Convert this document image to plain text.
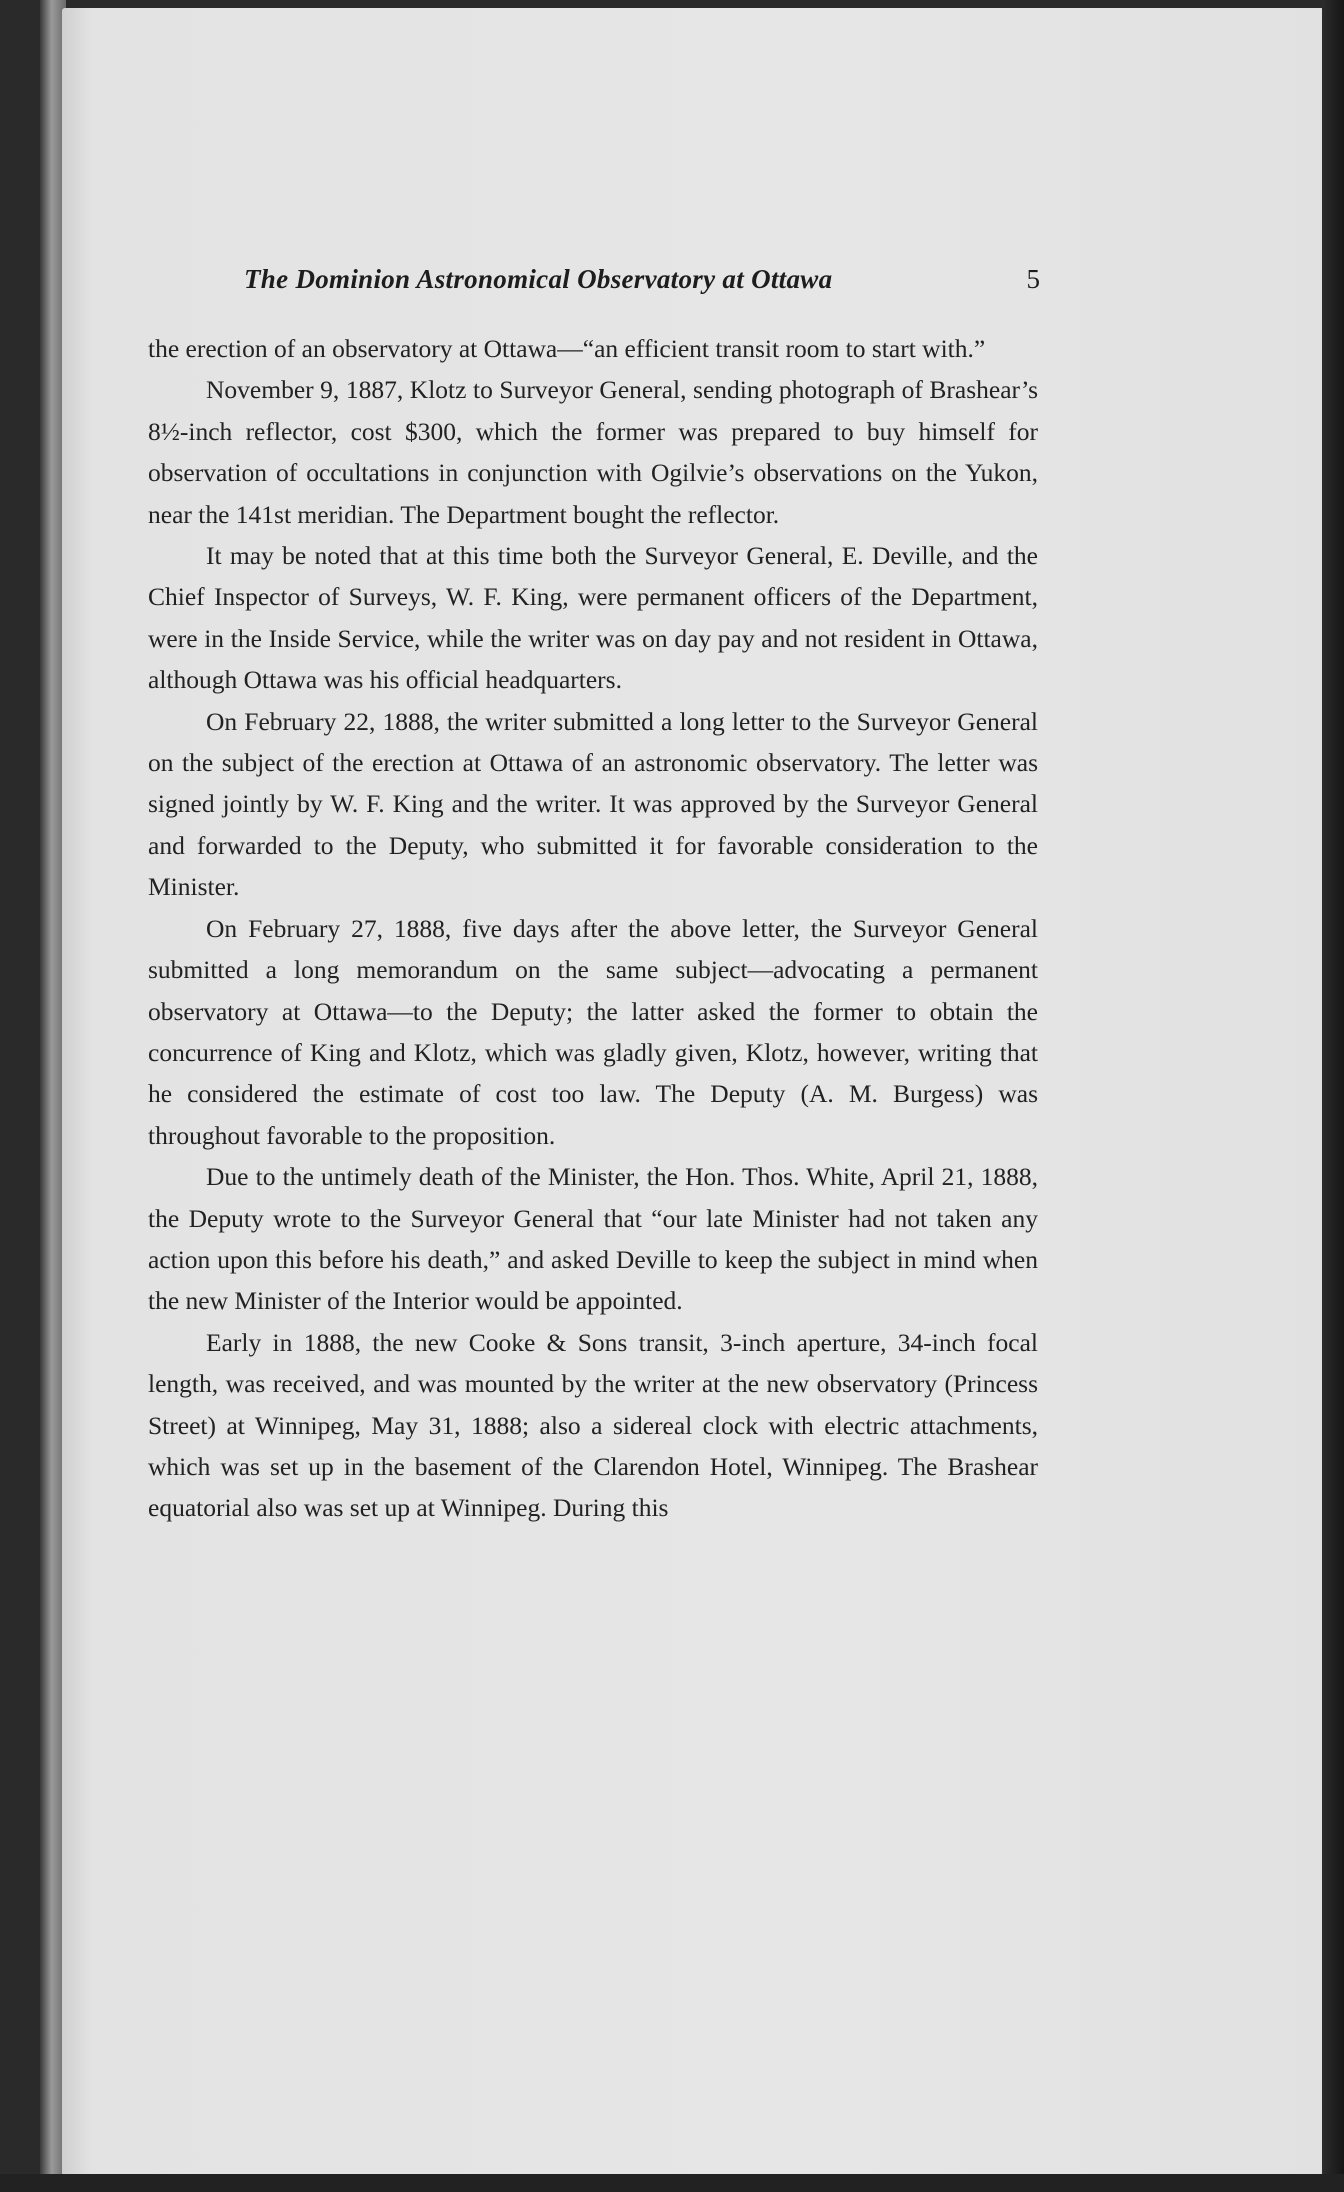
The Dominion Astronomical Observatory at Ottawa	5

the erection of an observatory at Ottawa—“an efficient transit room to start with.”

November 9, 1887, Klotz to Surveyor General, sending photograph of Brashear’s 8½-inch reflector, cost $300, which the former was prepared to buy himself for observation of occultations in conjunction with Ogilvie’s observations on the Yukon, near the 141st meridian. The Department bought the reflector.

It may be noted that at this time both the Surveyor General, E. Deville, and the Chief Inspector of Surveys, W. F. King, were permanent officers of the Department, were in the Inside Service, while the writer was on day pay and not resident in Ottawa, although Ottawa was his official headquarters.

On February 22, 1888, the writer submitted a long letter to the Surveyor General on the subject of the erection at Ottawa of an astronomic observatory. The letter was signed jointly by W. F. King and the writer. It was approved by the Surveyor General and forwarded to the Deputy, who submitted it for favorable consideration to the Minister.

On February 27, 1888, five days after the above letter, the Surveyor General submitted a long memorandum on the same subject—advocating a permanent observatory at Ottawa—to the Deputy; the latter asked the former to obtain the concurrence of King and Klotz, which was gladly given, Klotz, however, writing that he considered the estimate of cost too law. The Deputy (A. M. Burgess) was throughout favorable to the proposition.

Due to the untimely death of the Minister, the Hon. Thos. White, April 21, 1888, the Deputy wrote to the Surveyor General that “our late Minister had not taken any action upon this before his death,” and asked Deville to keep the subject in mind when the new Minister of the Interior would be appointed.

Early in 1888, the new Cooke & Sons transit, 3-inch aperture, 34-inch focal length, was received, and was mounted by the writer at the new observatory (Princess Street) at Winnipeg, May 31, 1888; also a sidereal clock with electric attachments, which was set up in the basement of the Clarendon Hotel, Winnipeg. The Brashear equatorial also was set up at Winnipeg. During this
